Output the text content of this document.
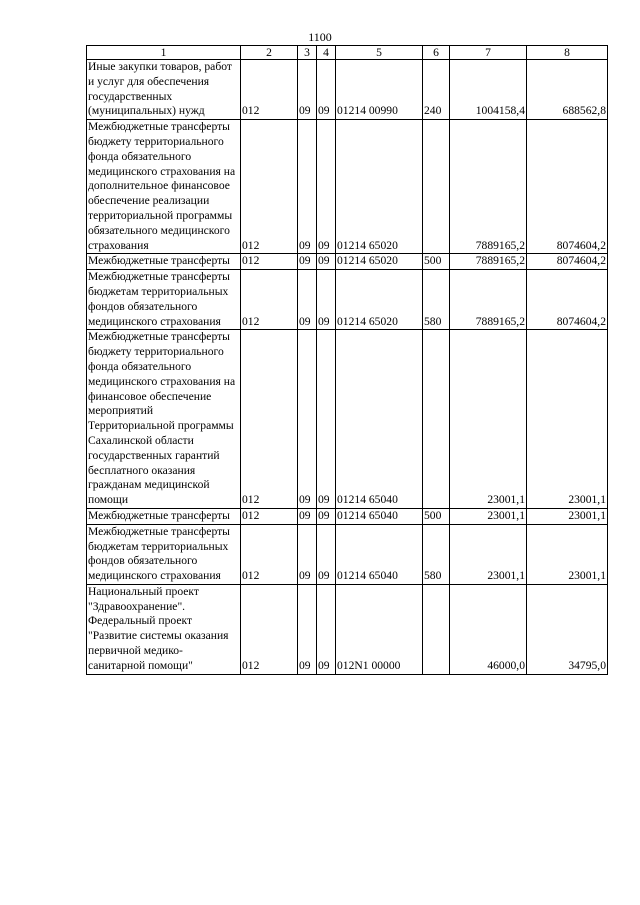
1100
1	2	3	4	5	6	7	8
Иные закупки товаров, работ и услуг для обеспечения государственных (муниципальных) нужд	012	09	09	01214 00990	240	1004158,4	688562,8
Межбюджетные трансферты бюджету территориального фонда обязательного медицинского страхования на дополнительное финансовое обеспечение реализации территориальной программы обязательного медицинского страхования	012	09	09	01214 65020		7889165,2	8074604,2
Межбюджетные трансферты	012	09	09	01214 65020	500	7889165,2	8074604,2
Межбюджетные трансферты бюджетам территориальных фондов обязательного медицинского страхования	012	09	09	01214 65020	580	7889165,2	8074604,2
Межбюджетные трансферты бюджету территориального фонда обязательного медицинского страхования на финансовое обеспечение мероприятий Территориальной программы Сахалинской области государственных гарантий бесплатного оказания гражданам медицинской помощи	012	09	09	01214 65040		23001,1	23001,1
Межбюджетные трансферты	012	09	09	01214 65040	500	23001,1	23001,1
Межбюджетные трансферты бюджетам территориальных фондов обязательного медицинского страхования	012	09	09	01214 65040	580	23001,1	23001,1
Национальный проект "Здравоохранение". Федеральный проект "Развитие системы оказания первичной медико-санитарной помощи"	012	09	09	012N1 00000		46000,0	34795,0
